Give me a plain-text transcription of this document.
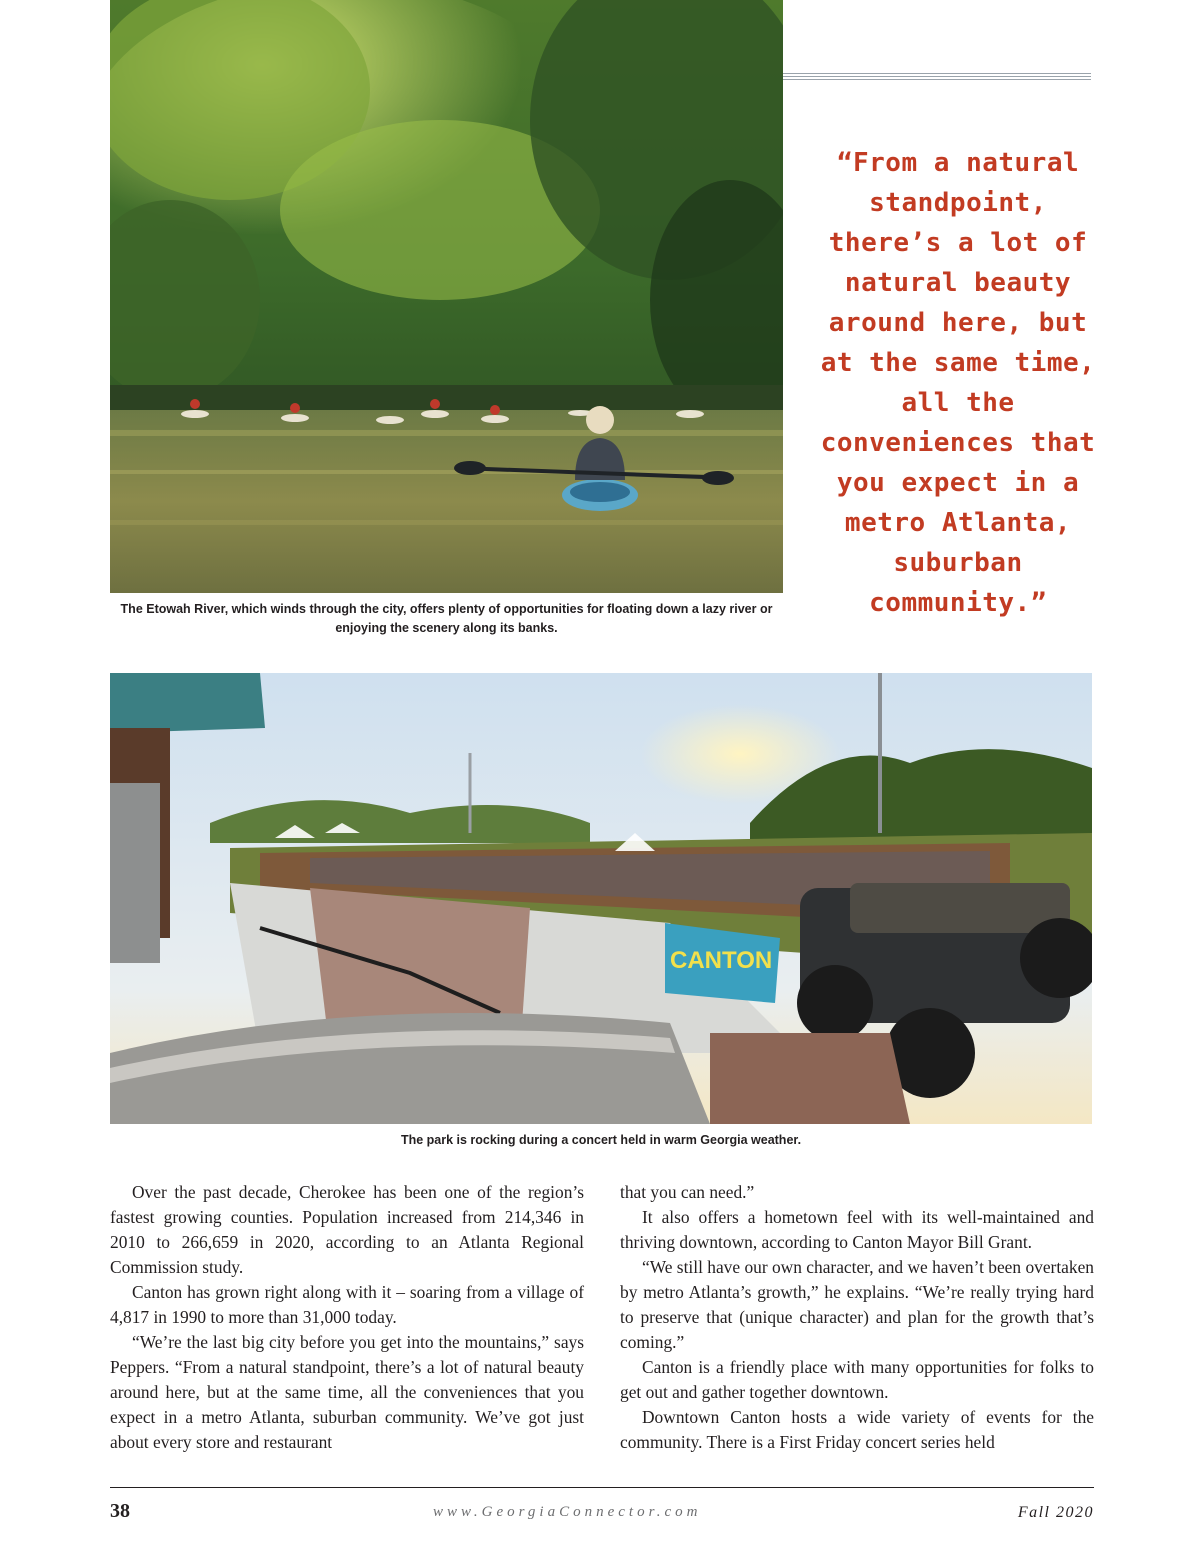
The Etowah River, which winds through the city, offers plenty of opportunities for floating down a lazy river or enjoying the scenery along its banks.
“From a natural standpoint, there’s a lot of natural beauty around here, but at the same time, all the conveniences that you expect in a metro Atlanta, suburban community.”
CANTON
The park is rocking during a concert held in warm Georgia weather.

Over the past decade, Cherokee has been one of the region’s fastest growing counties. Population increased from 214,346 in 2010 to 266,659 in 2020, according to an Atlanta Regional Commission study.

Canton has grown right along with it – soaring from a village of 4,817 in 1990 to more than 31,000 today.

“We’re the last big city before you get into the mountains,” says Peppers. “From a natural standpoint, there’s a lot of natural beauty around here, but at the same time, all the conveniences that you expect in a metro Atlanta, suburban community. We’ve got just about every store and restaurant

that you can need.”

It also offers a hometown feel with its well-maintained and thriving downtown, according to Canton Mayor Bill Grant.

“We still have our own character, and we haven’t been overtaken by metro Atlanta’s growth,” he explains. “We’re really trying hard to preserve that (unique character) and plan for the growth that’s coming.”

Canton is a friendly place with many opportunities for folks to get out and gather together downtown.

Downtown Canton hosts a wide variety of events for the community. There is a First Friday concert series held

38	www.GeorgiaConnector.com	Fall 2020
